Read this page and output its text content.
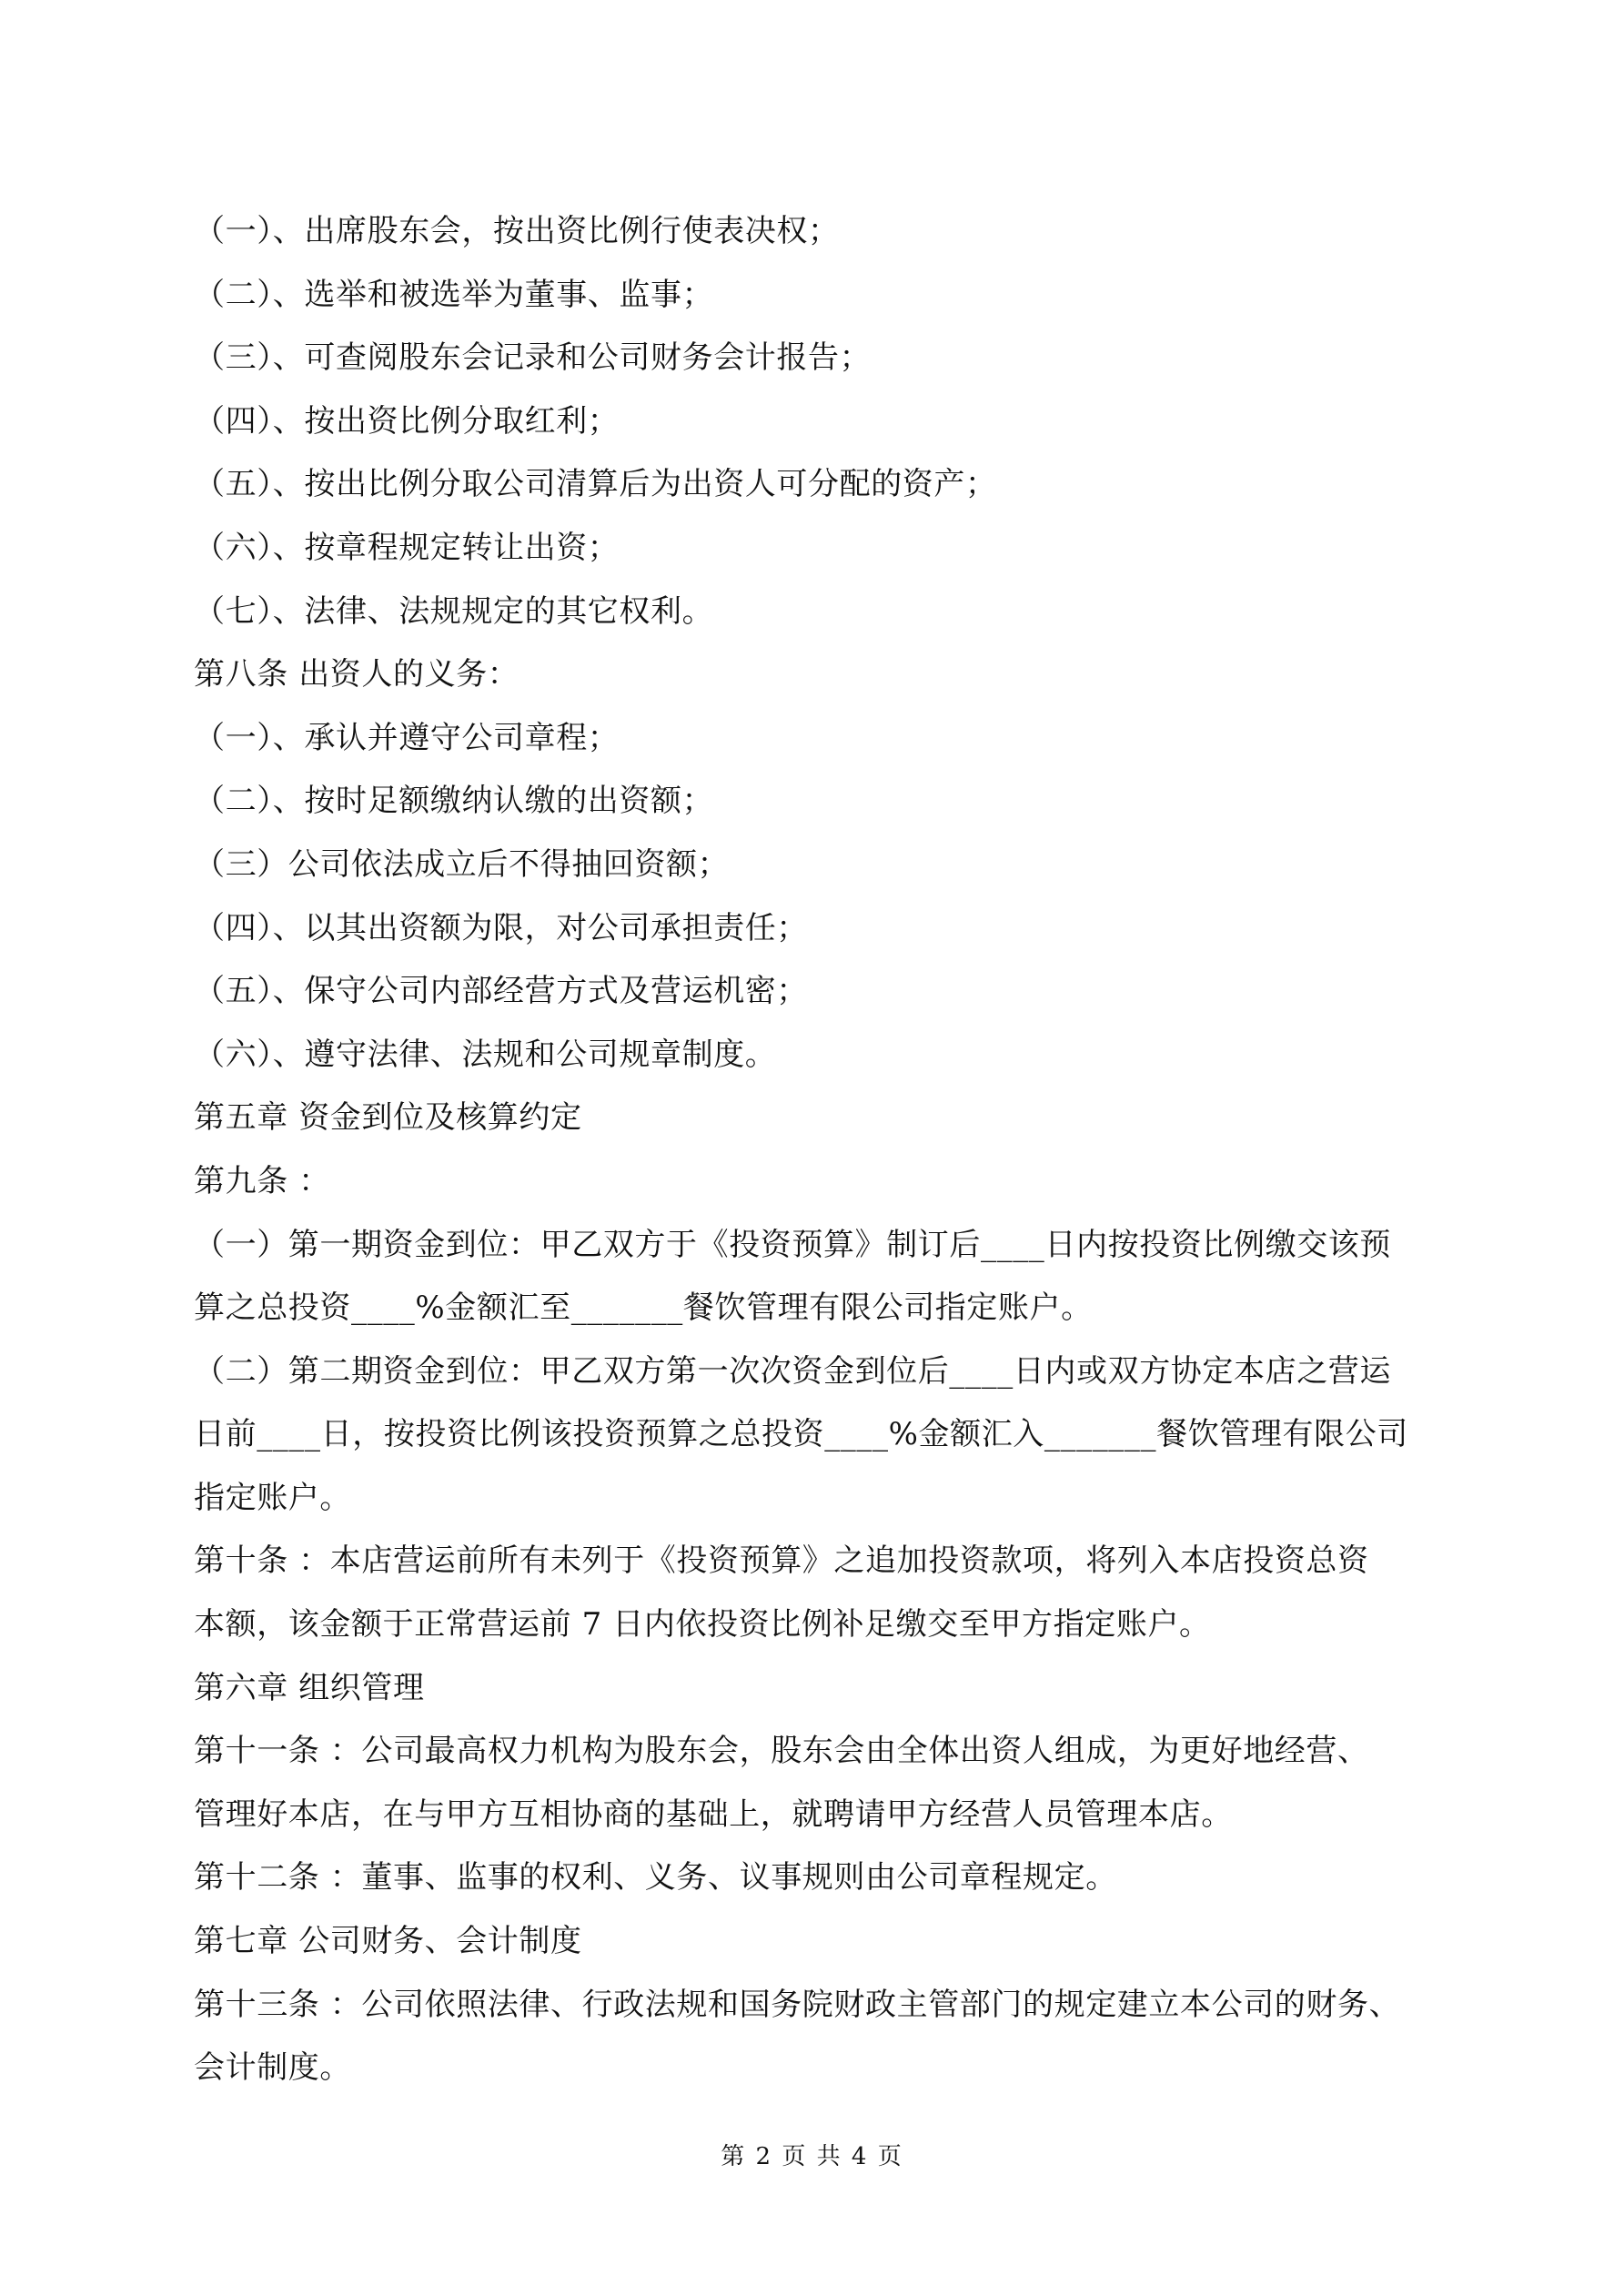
（一）、出席股东会，按出资比例行使表决权；
（二）、选举和被选举为董事、监事；
（三）、可查阅股东会记录和公司财务会计报告；
（四）、按出资比例分取红利；
（五）、按出比例分取公司清算后为出资人可分配的资产；
（六）、按章程规定转让出资；
（七）、法律、法规规定的其它权利。
第八条 出资人的义务：
（一）、承认并遵守公司章程；
（二）、按时足额缴纳认缴的出资额；
（三）公司依法成立后不得抽回资额；
（四）、以其出资额为限，对公司承担责任；
（五）、保守公司内部经营方式及营运机密；
（六）、遵守法律、法规和公司规章制度。
第五章 资金到位及核算约定
第九条 ：
（一）第一期资金到位：甲乙双方于《投资预算》制订后____日内按投资比例缴交该预
算之总投资____%金额汇至_______餐饮管理有限公司指定账户。
（二）第二期资金到位：甲乙双方第一次次资金到位后____日内或双方协定本店之营运
日前____日，按投资比例该投资预算之总投资____%金额汇入_______餐饮管理有限公司
指定账户。
第十条 ：本店营运前所有未列于《投资预算》之追加投资款项，将列入本店投资总资
本额，该金额于正常营运前 7 日内依投资比例补足缴交至甲方指定账户。
第六章 组织管理
第十一条 ：公司最高权力机构为股东会，股东会由全体出资人组成，为更好地经营、
管理好本店，在与甲方互相协商的基础上，就聘请甲方经营人员管理本店。
第十二条 ：董事、监事的权利、义务、议事规则由公司章程规定。
第七章 公司财务、会计制度
第十三条 ：公司依照法律、行政法规和国务院财政主管部门的规定建立本公司的财务、
会计制度。
第 2 页 共 4 页
